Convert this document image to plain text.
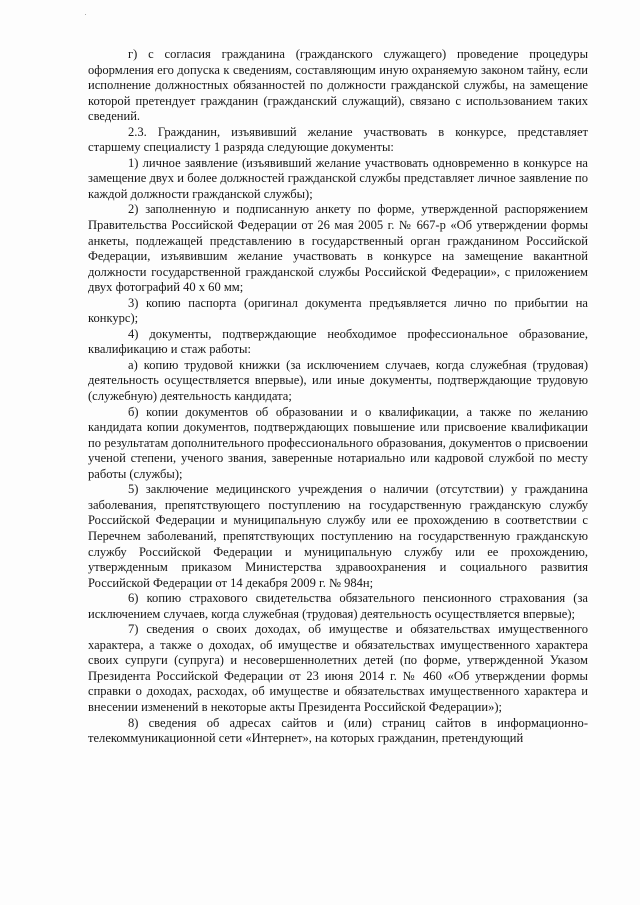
г) с согласия гражданина (гражданского служащего) проведение процедуры оформления его допуска к сведениям, составляющим иную охраняемую законом тайну, если исполнение должностных обязанностей по должности гражданской службы, на замещение которой претендует гражданин (гражданский служащий), связано с использованием таких сведений.

2.3. Гражданин, изъявивший желание участвовать в конкурсе, представляет старшему специалисту 1 разряда следующие документы:

1) личное заявление (изъявивший желание участвовать одновременно в конкурсе на замещение двух и более должностей гражданской службы представляет личное заявление по каждой должности гражданской службы);

2) заполненную и подписанную анкету по форме, утвержденной распоряжением Правительства Российской Федерации от 26 мая 2005 г. № 667-р «Об утверждении формы анкеты, подлежащей представлению в государственный орган гражданином Российской Федерации, изъявившим желание участвовать в конкурсе на замещение вакантной должности государственной гражданской службы Российской Федерации», с приложением двух фотографий 40 х 60 мм;

3) копию паспорта (оригинал документа предъявляется лично по прибытии на конкурс);

4) документы, подтверждающие необходимое профессиональное образование, квалификацию и стаж работы:

а) копию трудовой книжки (за исключением случаев, когда служебная (трудовая) деятельность осуществляется впервые), или иные документы, подтверждающие трудовую (служебную) деятельность кандидата;

б) копии документов об образовании и о квалификации, а также по желанию кандидата копии документов, подтверждающих повышение или присвоение квалификации по результатам дополнительного профессионального образования, документов о присвоении ученой степени, ученого звания, заверенные нотариально или кадровой службой по месту работы (службы);

5) заключение медицинского учреждения о наличии (отсутствии) у гражданина заболевания, препятствующего поступлению на государственную гражданскую службу Российской Федерации и муниципальную службу или ее прохождению в соответствии с Перечнем заболеваний, препятствующих поступлению на государственную гражданскую службу Российской Федерации и муниципальную службу или ее прохождению, утвержденным приказом Министерства здравоохранения и социального развития Российской Федерации от 14 декабря 2009 г. № 984н;

6) копию страхового свидетельства обязательного пенсионного страхования (за исключением случаев, когда служебная (трудовая) деятельность осуществляется впервые);

7) сведения о своих доходах, об имуществе и обязательствах имущественного характера, а также о доходах, об имуществе и обязательствах имущественного характера своих супруги (супруга) и несовершеннолетних детей (по форме, утвержденной Указом Президента Российской Федерации от 23 июня 2014 г. № 460 «Об утверждении формы справки о доходах, расходах, об имуществе и обязательствах имущественного характера и внесении изменений в некоторые акты Президента Российской Федерации»);

8) сведения об адресах сайтов и (или) страниц сайтов в информационно-телекоммуникационной сети «Интернет», на которых гражданин, претендующий
